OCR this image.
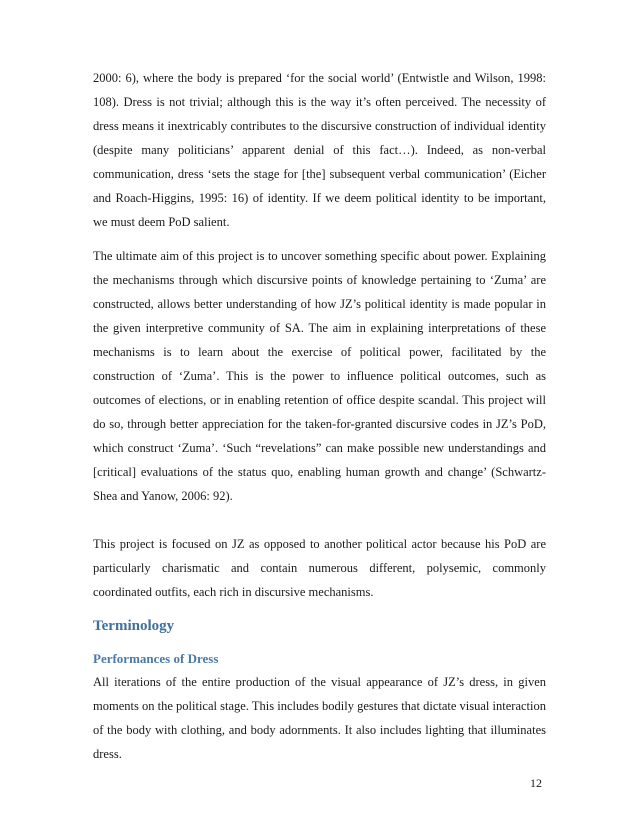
2000: 6), where the body is prepared ‘for the social world’ (Entwistle and Wilson, 1998: 108). Dress is not trivial; although this is the way it’s often perceived. The necessity of dress means it inextricably contributes to the discursive construction of individual identity (despite many politicians’ apparent denial of this fact…). Indeed, as non-verbal communication, dress ‘sets the stage for [the] subsequent verbal communication’ (Eicher and Roach-Higgins, 1995: 16) of identity. If we deem political identity to be important, we must deem PoD salient.

The ultimate aim of this project is to uncover something specific about power. Explaining the mechanisms through which discursive points of knowledge pertaining to ‘Zuma’ are constructed, allows better understanding of how JZ’s political identity is made popular in the given interpretive community of SA. The aim in explaining interpretations of these mechanisms is to learn about the exercise of political power, facilitated by the construction of ‘Zuma’. This is the power to influence political outcomes, such as outcomes of elections, or in enabling retention of office despite scandal. This project will do so, through better appreciation for the taken-for-granted discursive codes in JZ’s PoD, which construct ‘Zuma’. ‘Such “revelations” can make possible new understandings and [critical] evaluations of the status quo, enabling human growth and change’ (Schwartz-Shea and Yanow, 2006: 92).

This project is focused on JZ as opposed to another political actor because his PoD are particularly charismatic and contain numerous different, polysemic, commonly coordinated outfits, each rich in discursive mechanisms.

Terminology
Performances of Dress

All iterations of the entire production of the visual appearance of JZ’s dress, in given moments on the political stage. This includes bodily gestures that dictate visual interaction of the body with clothing, and body adornments. It also includes lighting that illuminates dress.

12
